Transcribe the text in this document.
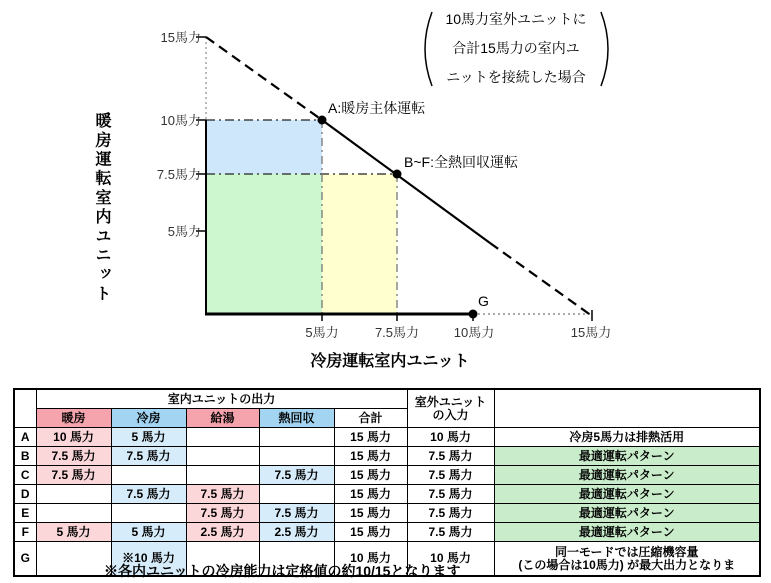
A:暖房主体運転
B~F:全熱回収運転
G
15馬力
10馬力
7.5馬力
5馬力
5馬力	7.5馬力	10馬力	15馬力
冷房運転室内ユニット
10馬力室外ユニットに
合計15馬力の室内ユ
ニットを接続した場合
暖房運転室内ユニット
	室内ユニットの出力					室外ユニット
の入力	

	暖房	冷房	給湯	熱回収	合計		
A	10 馬力	5 馬力			15 馬力	10 馬力	冷房5馬力は排熱活用
B	7.5 馬力	7.5 馬力			15 馬力	7.5 馬力	最適運転パターン
C	7.5 馬力			7.5 馬力	15 馬力	7.5 馬力	最適運転パターン
D		7.5 馬力	7.5 馬力		15 馬力	7.5 馬力	最適運転パターン
E			7.5 馬力	7.5 馬力	15 馬力	7.5 馬力	最適運転パターン
F	5 馬力	5 馬力	2.5 馬力	2.5 馬力	15 馬力	7.5 馬力	最適運転パターン
G		※10 馬力			10 馬力	10 馬力	同一モードでは圧縮機容量
(この場合は10馬力) が最大出力となりま
※各内ユニットの冷房能力は定格値の約10/15となります
